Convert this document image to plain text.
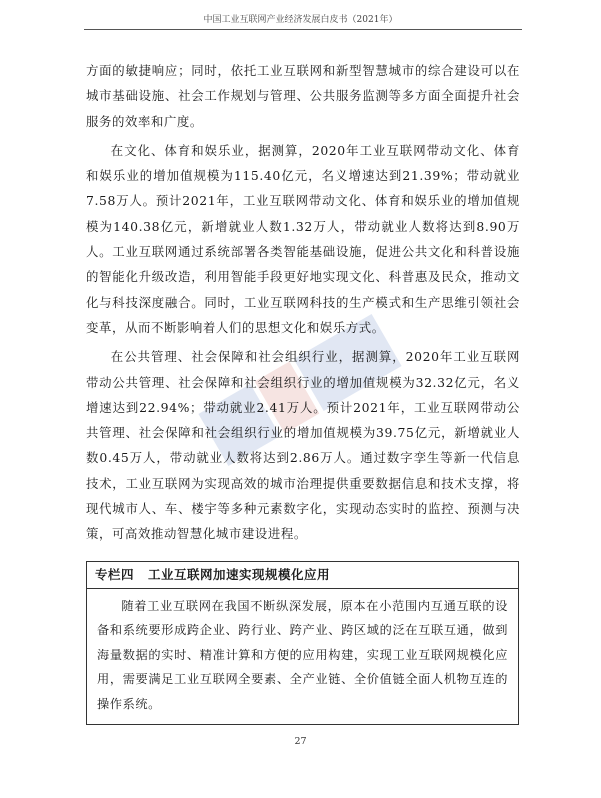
中国工业互联网产业经济发展白皮书（2021年）

方面的敏捷响应；同时，依托工业互联网和新型智慧城市的综合建设可以在城市基础设施、社会工作规划与管理、公共服务监测等多方面全面提升社会服务的效率和广度。

在文化、体育和娱乐业，据测算，2020年工业互联网带动文化、体育和娱乐业的增加值规模为115.40亿元，名义增速达到21.39%；带动就业7.58万人。预计2021年，工业互联网带动文化、体育和娱乐业的增加值规模为140.38亿元，新增就业人数1.32万人，带动就业人数将达到8.90万人。工业互联网通过系统部署各类智能基础设施，促进公共文化和科普设施的智能化升级改造，利用智能手段更好地实现文化、科普惠及民众，推动文化与科技深度融合。同时，工业互联网科技的生产模式和生产思维引领社会变革，从而不断影响着人们的思想文化和娱乐方式。

在公共管理、社会保障和社会组织行业，据测算，2020年工业互联网带动公共管理、社会保障和社会组织行业的增加值规模为32.32亿元，名义增速达到22.94%；带动就业2.41万人。预计2021年，工业互联网带动公共管理、社会保障和社会组织行业的增加值规模为39.75亿元，新增就业人数0.45万人，带动就业人数将达到2.86万人。通过数字孪生等新一代信息技术，工业互联网为实现高效的城市治理提供重要数据信息和技术支撑，将现代城市人、车、楼宇等多种元素数字化，实现动态实时的监控、预测与决策，可高效推动智慧化城市建设进程。

专栏四 工业互联网加速实现规模化应用

随着工业互联网在我国不断纵深发展，原本在小范围内互通互联的设备和系统要形成跨企业、跨行业、跨产业、跨区域的泛在互联互通，做到海量数据的实时、精准计算和方便的应用构建，实现工业互联网规模化应用，需要满足工业互联网全要素、全产业链、全价值链全面人机物互连的操作系统。

27
